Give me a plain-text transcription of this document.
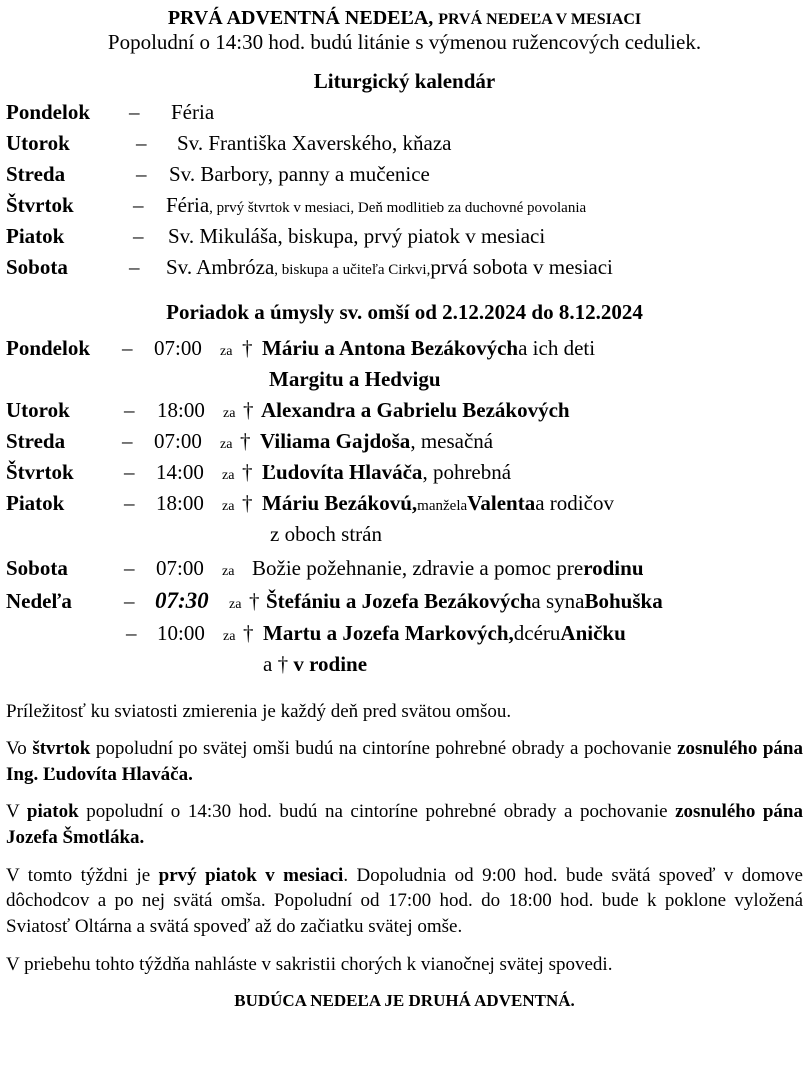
PRVÁ ADVENTNÁ NEDEĽA, PRVÁ NEDEĽA V MESIACI

Popoludní o 14:30 hod. budú litánie s výmenou ružencových ceduliek.

Liturgický kalendár

Pondelok	–	Féria
Utorok	–	Sv. Františka Xaverského, kňaza
Streda	–	Sv. Barbory, panny a mučenice
Štvrtok	–	Féria , prvý štvrtok v mesiaci, Deň modlitieb za duchovné povolania
Piatok	–	Sv. Mikuláša, biskupa, prvý piatok v mesiaci
Sobota	–	Sv. Ambróza , biskupa a učiteľa Cirkvi, prvá sobota v mesiaci

Poriadok a úmysly sv. omší od 2.12.2024 do 8.12.2024

Pondelok	–	07:00	za † Máriu a Antona Bezákových a ich deti
Margitu a Hedvigu
Utorok	–	18:00	za † Alexandra a Gabrielu Bezákových
Streda	–	07:00	za † Viliama Gajdoša , mesačná
Štvrtok	–	14:00	za † Ľudovíta Hlaváča , pohrebná
Piatok	–	18:00	za † Máriu Bezákovú, manžela Valenta a rodičov
z oboch strán
Sobota	–	07:00	za Božie požehnanie, zdravie a pomoc pre rodinu
Nedeľa	– 07:30	za † Štefániu a Jozefa Bezákových a syna Bohuška
– 10:00	za † Martu a Jozefa Markových, dcéru Aničku
a † v rodine

Príležitosť ku sviatosti zmierenia je každý deň pred svätou omšou.

Vo štvrtok popoludní po svätej omši budú na cintoríne pohrebné obrady a pochovanie zosnulého pána Ing. Ľudovíta Hlaváča.

V piatok popoludní o 14:30 hod. budú na cintoríne pohrebné obrady a pochovanie zosnulého pána Jozefa Šmotláka.

V tomto týždni je prvý piatok v mesiaci. Dopoludnia od 9:00 hod. bude svätá spoveď v domove dôchodcov a po nej svätá omša. Popoludní od 17:00 hod. do 18:00 hod. bude k poklone vyložená Sviatosť Oltárna a svätá spoveď až do začiatku svätej omše.

V priebehu tohto týždňa nahláste v sakristii chorých k vianočnej svätej spovedi.

BUDÚCA NEDEĽA JE DRUHÁ ADVENTNÁ.
